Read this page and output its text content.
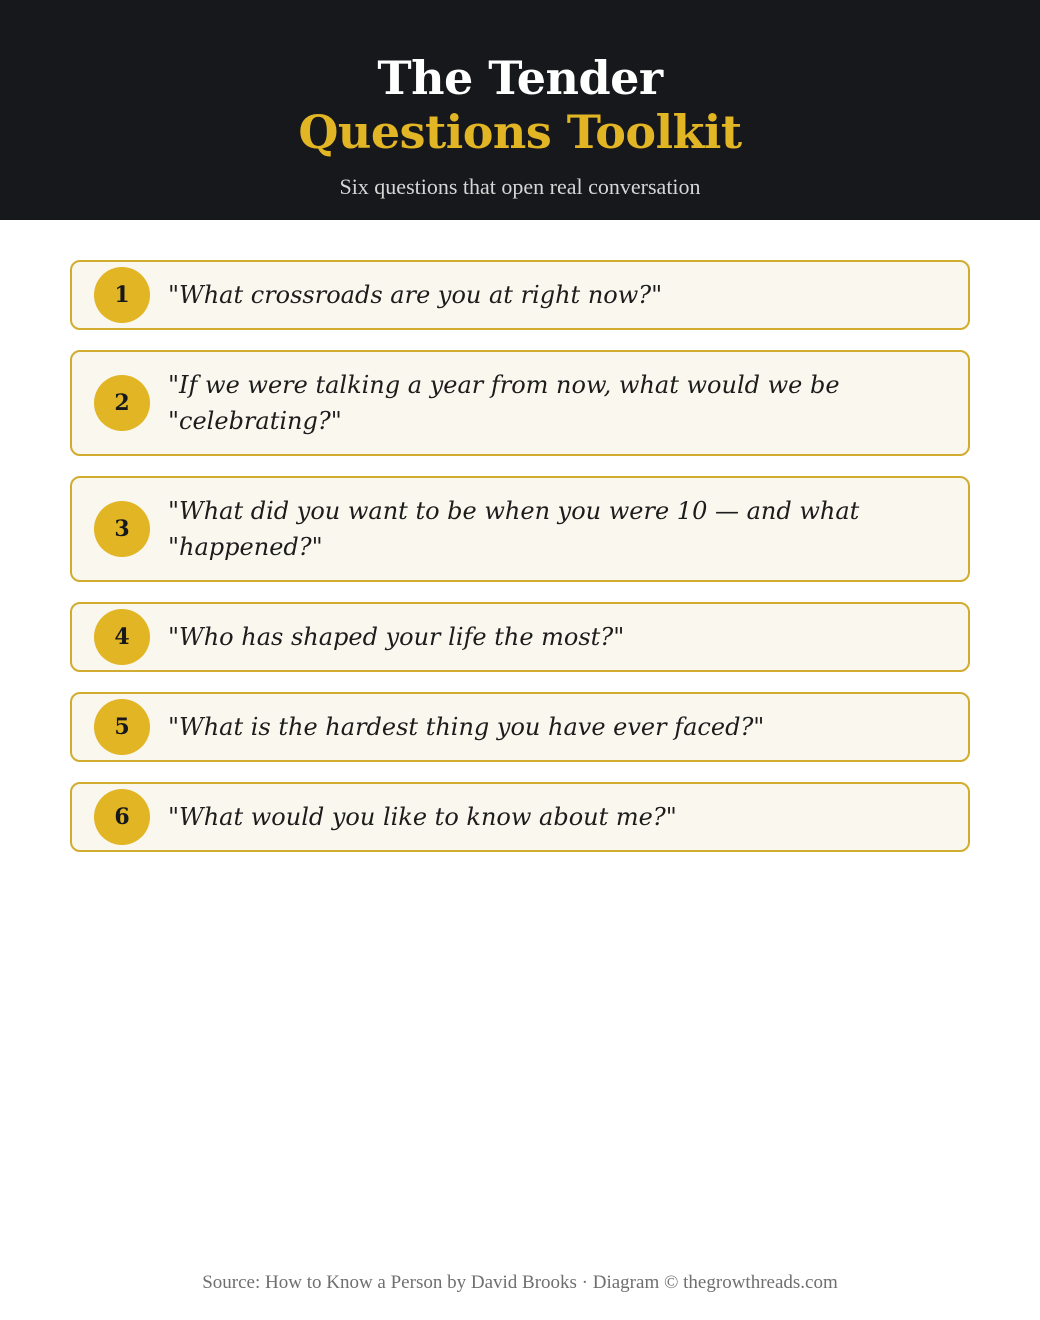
The Tender
Questions Toolkit
Six questions that open real conversation
1	"What crossroads are you at right now?"
2
"If we were talking a year from now, what would we be "celebrating?"
3
"What did you want to be when you were 10 — and what "happened?"
4	"Who has shaped your life the most?"
5	"What is the hardest thing you have ever faced?"
6	"What would you like to know about me?"
Source: How to Know a Person by David Brooks · Diagram © thegrowthreads.com
